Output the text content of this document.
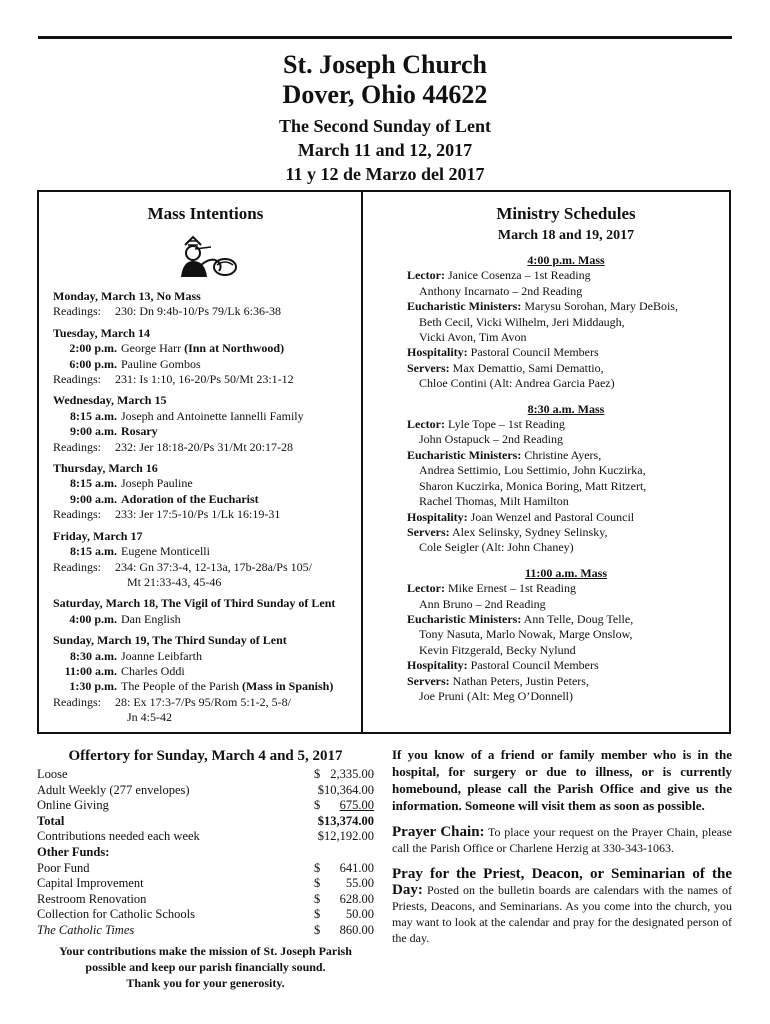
St. Joseph Church
Dover, Ohio 44622
The Second Sunday of Lent
March 11 and 12, 2017
11 y 12 de Marzo del 2017
Mass Intentions
Monday, March 13, No Mass
Readings:	230: Dn 9:4b-10/Ps 79/Lk 6:36-38
Tuesday, March 14
2:00 p.m. George Harr (Inn at Northwood)
6:00 p.m. Pauline Gombos
Readings:	231: Is 1:10, 16-20/Ps 50/Mt 23:1-12
Wednesday, March 15
8:15 a.m. Joseph and Antoinette Iannelli Family
9:00 a.m. Rosary
Readings:	232: Jer 18:18-20/Ps 31/Mt 20:17-28
Thursday, March 16
8:15 a.m. Joseph Pauline
9:00 a.m. Adoration of the Eucharist
Readings:	233: Jer 17:5-10/Ps 1/Lk 16:19-31
Friday, March 17
8:15 a.m. Eugene Monticelli
Readings:	234: Gn 37:3-4, 12-13a, 17b-28a/Ps 105/
Mt 21:33-43, 45-46
Saturday, March 18, The Vigil of Third Sunday of Lent
4:00 p.m. Dan English
Sunday, March 19, The Third Sunday of Lent
8:30 a.m. Joanne Leibfarth
11:00 a.m. Charles Oddi
1:30 p.m. The People of the Parish (Mass in Spanish)
Readings:	28: Ex 17:3-7/Ps 95/Rom 5:1-2, 5-8/
Jn 4:5-42
Ministry Schedules
March 18 and 19, 2017
4:00 p.m. Mass
Lector: Janice Cosenza – 1st Reading
Anthony Incarnato – 2nd Reading
Eucharistic Ministers: Marysu Sorohan, Mary DeBois,
Beth Cecil, Vicki Wilhelm, Jeri Middaugh,
Vicki Avon, Tim Avon
Hospitality: Pastoral Council Members
Servers: Max Demattio, Sami Demattio,
Chloe Contini (Alt: Andrea Garcia Paez)
8:30 a.m. Mass
Lector: Lyle Tope – 1st Reading
John Ostapuck – 2nd Reading
Eucharistic Ministers: Christine Ayers,
Andrea Settimio, Lou Settimio, John Kuczirka,
Sharon Kuczirka, Monica Boring, Matt Ritzert,
Rachel Thomas, Milt Hamilton
Hospitality: Joan Wenzel and Pastoral Council
Servers: Alex Selinsky, Sydney Selinsky,
Cole Seigler (Alt: John Chaney)
11:00 a.m. Mass
Lector: Mike Ernest – 1st Reading
Ann Bruno – 2nd Reading
Eucharistic Ministers: Ann Telle, Doug Telle,
Tony Nasuta, Marlo Nowak, Marge Onslow,
Kevin Fitzgerald, Becky Nylund
Hospitality: Pastoral Council Members
Servers: Nathan Peters, Justin Peters,
Joe Pruni (Alt: Meg O’Donnell)
Offertory for Sunday, March 4 and 5, 2017
Loose	$ 2,335.00
Adult Weekly (277 envelopes)	$10,364.00
Online Giving	$ 675.00
Total	$13,374.00
Contributions needed each week	$12,192.00
Other Funds:
Poor Fund	$ 641.00
Capital Improvement	$ 55.00
Restroom Renovation	$ 628.00
Collection for Catholic Schools	$ 50.00
The Catholic Times	$ 860.00
Your contributions make the mission of St. Joseph Parish
possible and keep our parish financially sound.
Thank you for your generosity.
If you know of a friend or family member who is in the hospital, for surgery or due to illness, or is currently homebound, please call the Parish Office and give us the information. Someone will visit them as soon as possible.
Prayer Chain: To place your request on the Prayer Chain, please call the Parish Office or Charlene Herzig at 330-343-1063.
Pray for the Priest, Deacon, or Seminarian of the Day: Posted on the bulletin boards are calendars with the names of Priests, Deacons, and Seminarians. As you come into the church, you may want to look at the calendar and pray for the designated person of the day.
